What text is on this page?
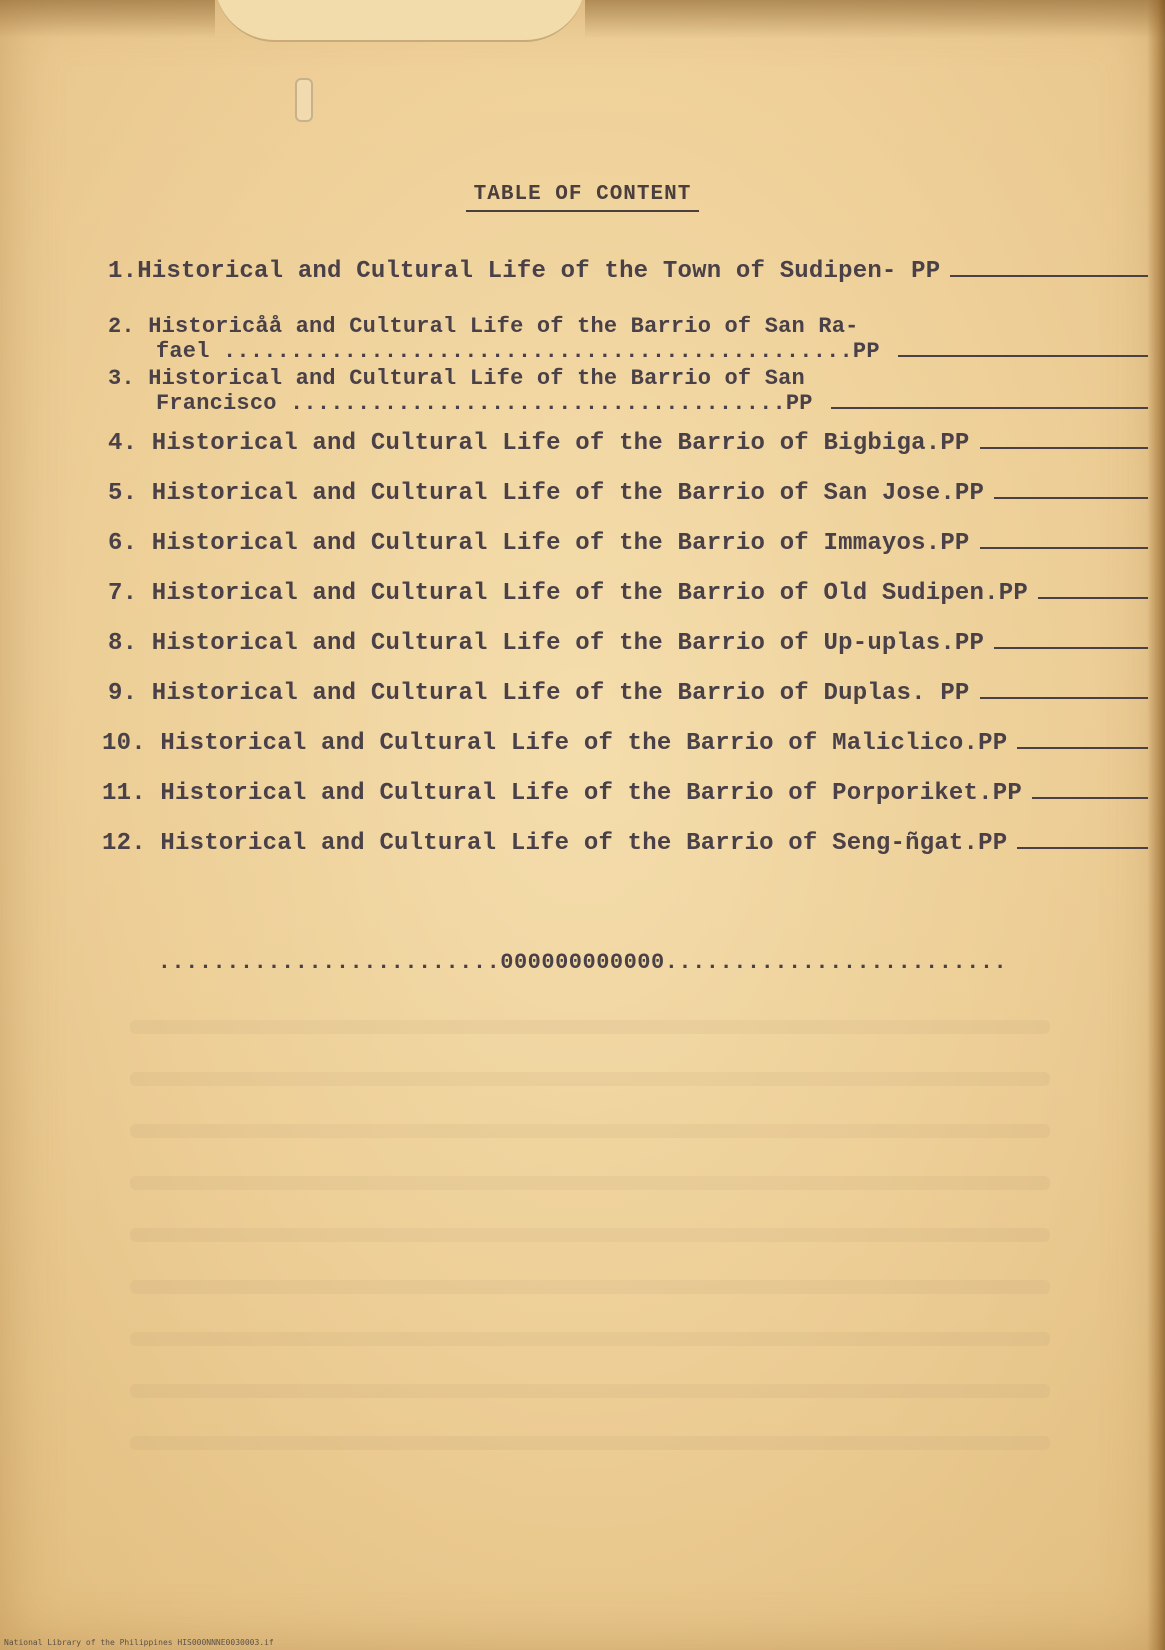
TABLE OF CONTENT
1.Historical and Cultural Life of the Town of Sudipen- PP
2. Historicåå and Cultural Life of the Barrio of San Ra-
fael ...............................................PP
3. Historical and Cultural Life of the Barrio of San
Francisco .....................................PP
4. Historical and Cultural Life of the Barrio of Bigbiga.PP
5. Historical and Cultural Life of the Barrio of San Jose.PP
6. Historical and Cultural Life of the Barrio of Immayos.PP
7. Historical and Cultural Life of the Barrio of Old Sudipen.PP
8. Historical and Cultural Life of the Barrio of Up-uplas.PP
9. Historical and Cultural Life of the Barrio of Duplas. PP
10. Historical and Cultural Life of the Barrio of Maliclico.PP
11. Historical and Cultural Life of the Barrio of Porporiket.PP
12. Historical and Cultural Life of the Barrio of Seng-ñgat.PP

.........................000000000000.........................

National Library of the Philippines HIS000NNNE0030003.if
